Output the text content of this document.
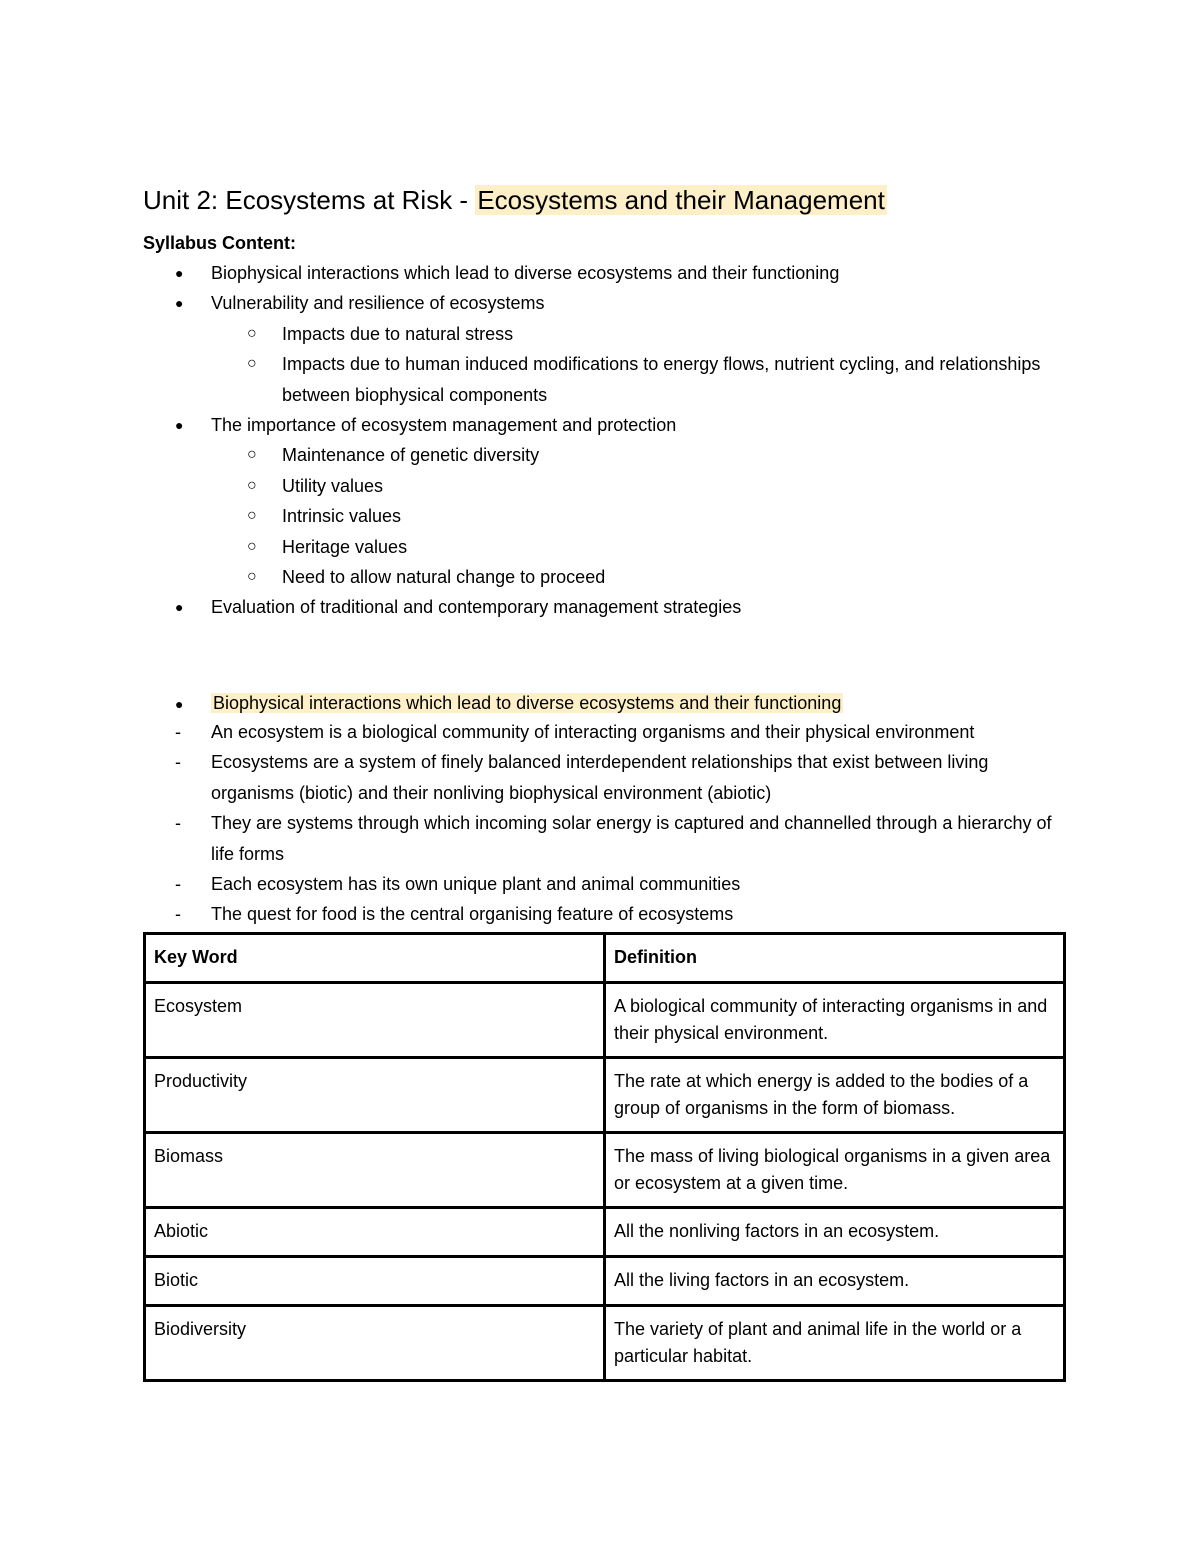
Unit 2: Ecosystems at Risk - Ecosystems and their Management
Syllabus Content:
● Biophysical interactions which lead to diverse ecosystems and their functioning
● Vulnerability and resilience of ecosystems
○ Impacts due to natural stress
○ Impacts due to human induced modifications to energy flows, nutrient cycling, and relationships between biophysical components
● The importance of ecosystem management and protection
○ Maintenance of genetic diversity
○ Utility values
○ Intrinsic values
○ Heritage values
○ Need to allow natural change to proceed
● Evaluation of traditional and contemporary management strategies
● Biophysical interactions which lead to diverse ecosystems and their functioning
- An ecosystem is a biological community of interacting organisms and their physical environment
- Ecosystems are a system of finely balanced interdependent relationships that exist between living organisms (biotic) and their nonliving biophysical environment (abiotic)
- They are systems through which incoming solar energy is captured and channelled through a hierarchy of life forms
- Each ecosystem has its own unique plant and animal communities
- The quest for food is the central organising feature of ecosystems
Key Word	Definition
Ecosystem	A biological community of interacting organisms in and their physical environment.
Productivity	The rate at which energy is added to the bodies of a group of organisms in the form of biomass.
Biomass	The mass of living biological organisms in a given area or ecosystem at a given time.
Abiotic	All the nonliving factors in an ecosystem.
Biotic	All the living factors in an ecosystem.
Biodiversity	The variety of plant and animal life in the world or a particular habitat.
